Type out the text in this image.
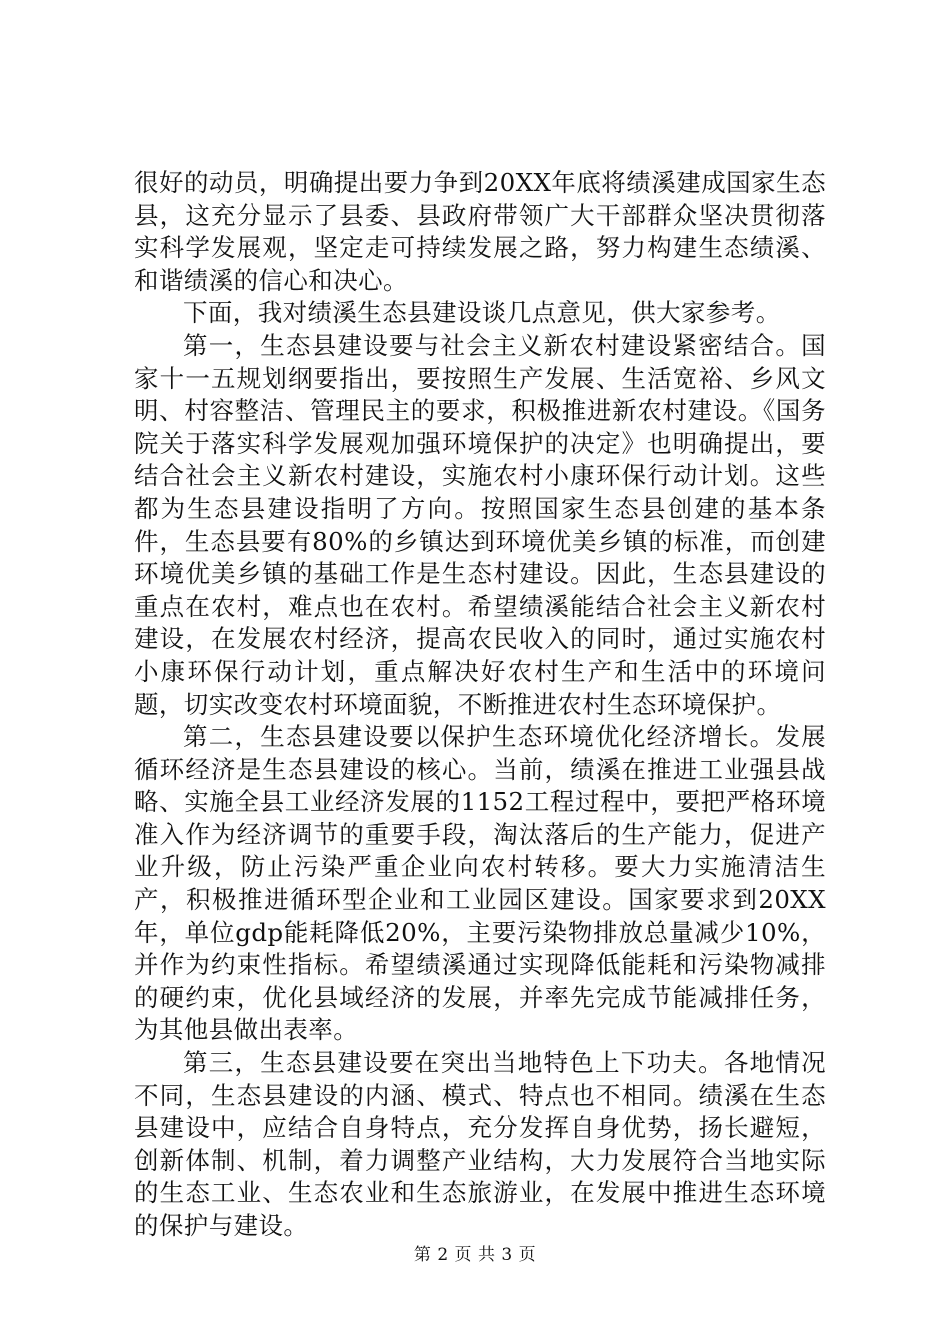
很好的动员，明确提出要力争到20XX年底将绩溪建成国家生态县，这充分显示了县委、县政府带领广大干部群众坚决贯彻落实科学发展观，坚定走可持续发展之路，努力构建生态绩溪、和谐绩溪的信心和决心。

下面，我对绩溪生态县建设谈几点意见，供大家参考。

第一，生态县建设要与社会主义新农村建设紧密结合。国家十一五规划纲要指出，要按照生产发展、生活宽裕、乡风文明、村容整洁、管理民主的要求，积极推进新农村建设。《国务院关于落实科学发展观加强环境保护的决定》也明确提出，要结合社会主义新农村建设，实施农村小康环保行动计划。这些都为生态县建设指明了方向。按照国家生态县创建的基本条件，生态县要有80%的乡镇达到环境优美乡镇的标准，而创建环境优美乡镇的基础工作是生态村建设。因此，生态县建设的重点在农村，难点也在农村。希望绩溪能结合社会主义新农村建设，在发展农村经济，提高农民收入的同时，通过实施农村小康环保行动计划，重点解决好农村生产和生活中的环境问题，切实改变农村环境面貌，不断推进农村生态环境保护。

第二，生态县建设要以保护生态环境优化经济增长。发展循环经济是生态县建设的核心。当前，绩溪在推进工业强县战略、实施全县工业经济发展的1152工程过程中，要把严格环境准入作为经济调节的重要手段，淘汰落后的生产能力，促进产业升级，防止污染严重企业向农村转移。要大力实施清洁生产，积极推进循环型企业和工业园区建设。国家要求到20XX年，单位gdp能耗降低20%，主要污染物排放总量减少10%，并作为约束性指标。希望绩溪通过实现降低能耗和污染物减排的硬约束，优化县域经济的发展，并率先完成节能减排任务，为其他县做出表率。

第三，生态县建设要在突出当地特色上下功夫。各地情况不同，生态县建设的内涵、模式、特点也不相同。绩溪在生态县建设中，应结合自身特点，充分发挥自身优势，扬长避短，创新体制、机制，着力调整产业结构，大力发展符合当地实际的生态工业、生态农业和生态旅游业，在发展中推进生态环境的保护与建设。

第 2 页 共 3 页
